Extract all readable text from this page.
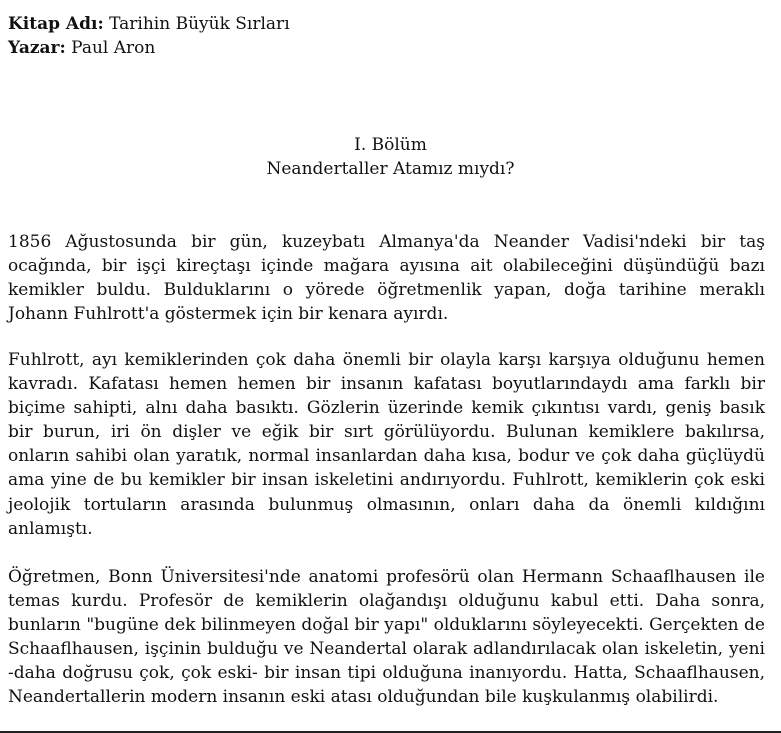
Kitap Adı: Tarihin Büyük Sırları
Yazar: Paul Aron
I. Bölüm
Neandertaller Atamız mıydı?

1856 Ağustosunda bir gün, kuzeybatı Almanya'da Neander Vadisi'ndeki bir taş ocağında, bir işçi kireçtaşı içinde mağara ayısına ait olabileceğini düşündüğü bazı kemikler buldu. Bulduklarını o yörede öğretmenlik yapan, doğa tarihine meraklı Johann Fuhlrott'a göstermek için bir kenara ayırdı.

Fuhlrott, ayı kemiklerinden çok daha önemli bir olayla karşı karşıya olduğunu hemen kavradı. Kafatası hemen hemen bir insanın kafatası boyutlarındaydı ama farklı bir biçime sahipti, alnı daha basıktı. Gözlerin üzerinde kemik çıkıntısı vardı, geniş basık bir burun, iri ön dişler ve eğik bir sırt görülüyordu. Bulunan kemiklere bakılırsa, onların sahibi olan yaratık, normal insanlardan daha kısa, bodur ve çok daha güçlüydü ama yine de bu kemikler bir insan iskeletini andırıyordu. Fuhlrott, kemiklerin çok eski jeolojik tortuların arasında bulunmuş olmasının, onları daha da önemli kıldığını anlamıştı.

Öğretmen, Bonn Üniversitesi'nde anatomi profesörü olan Hermann Schaaflhausen ile temas kurdu. Profesör de kemiklerin olağandışı olduğunu kabul etti. Daha sonra, bunların "bugüne dek bilinmeyen doğal bir yapı" olduklarını söyleyecekti. Gerçekten de Schaaflhausen, işçinin bulduğu ve Neandertal olarak adlandırılacak olan iskeletin, yeni -daha doğrusu çok, çok eski- bir insan tipi olduğuna inanıyordu. Hatta, Schaaflhausen, Neandertallerin modern insanın eski atası olduğundan bile kuşkulanmış olabilirdi.
